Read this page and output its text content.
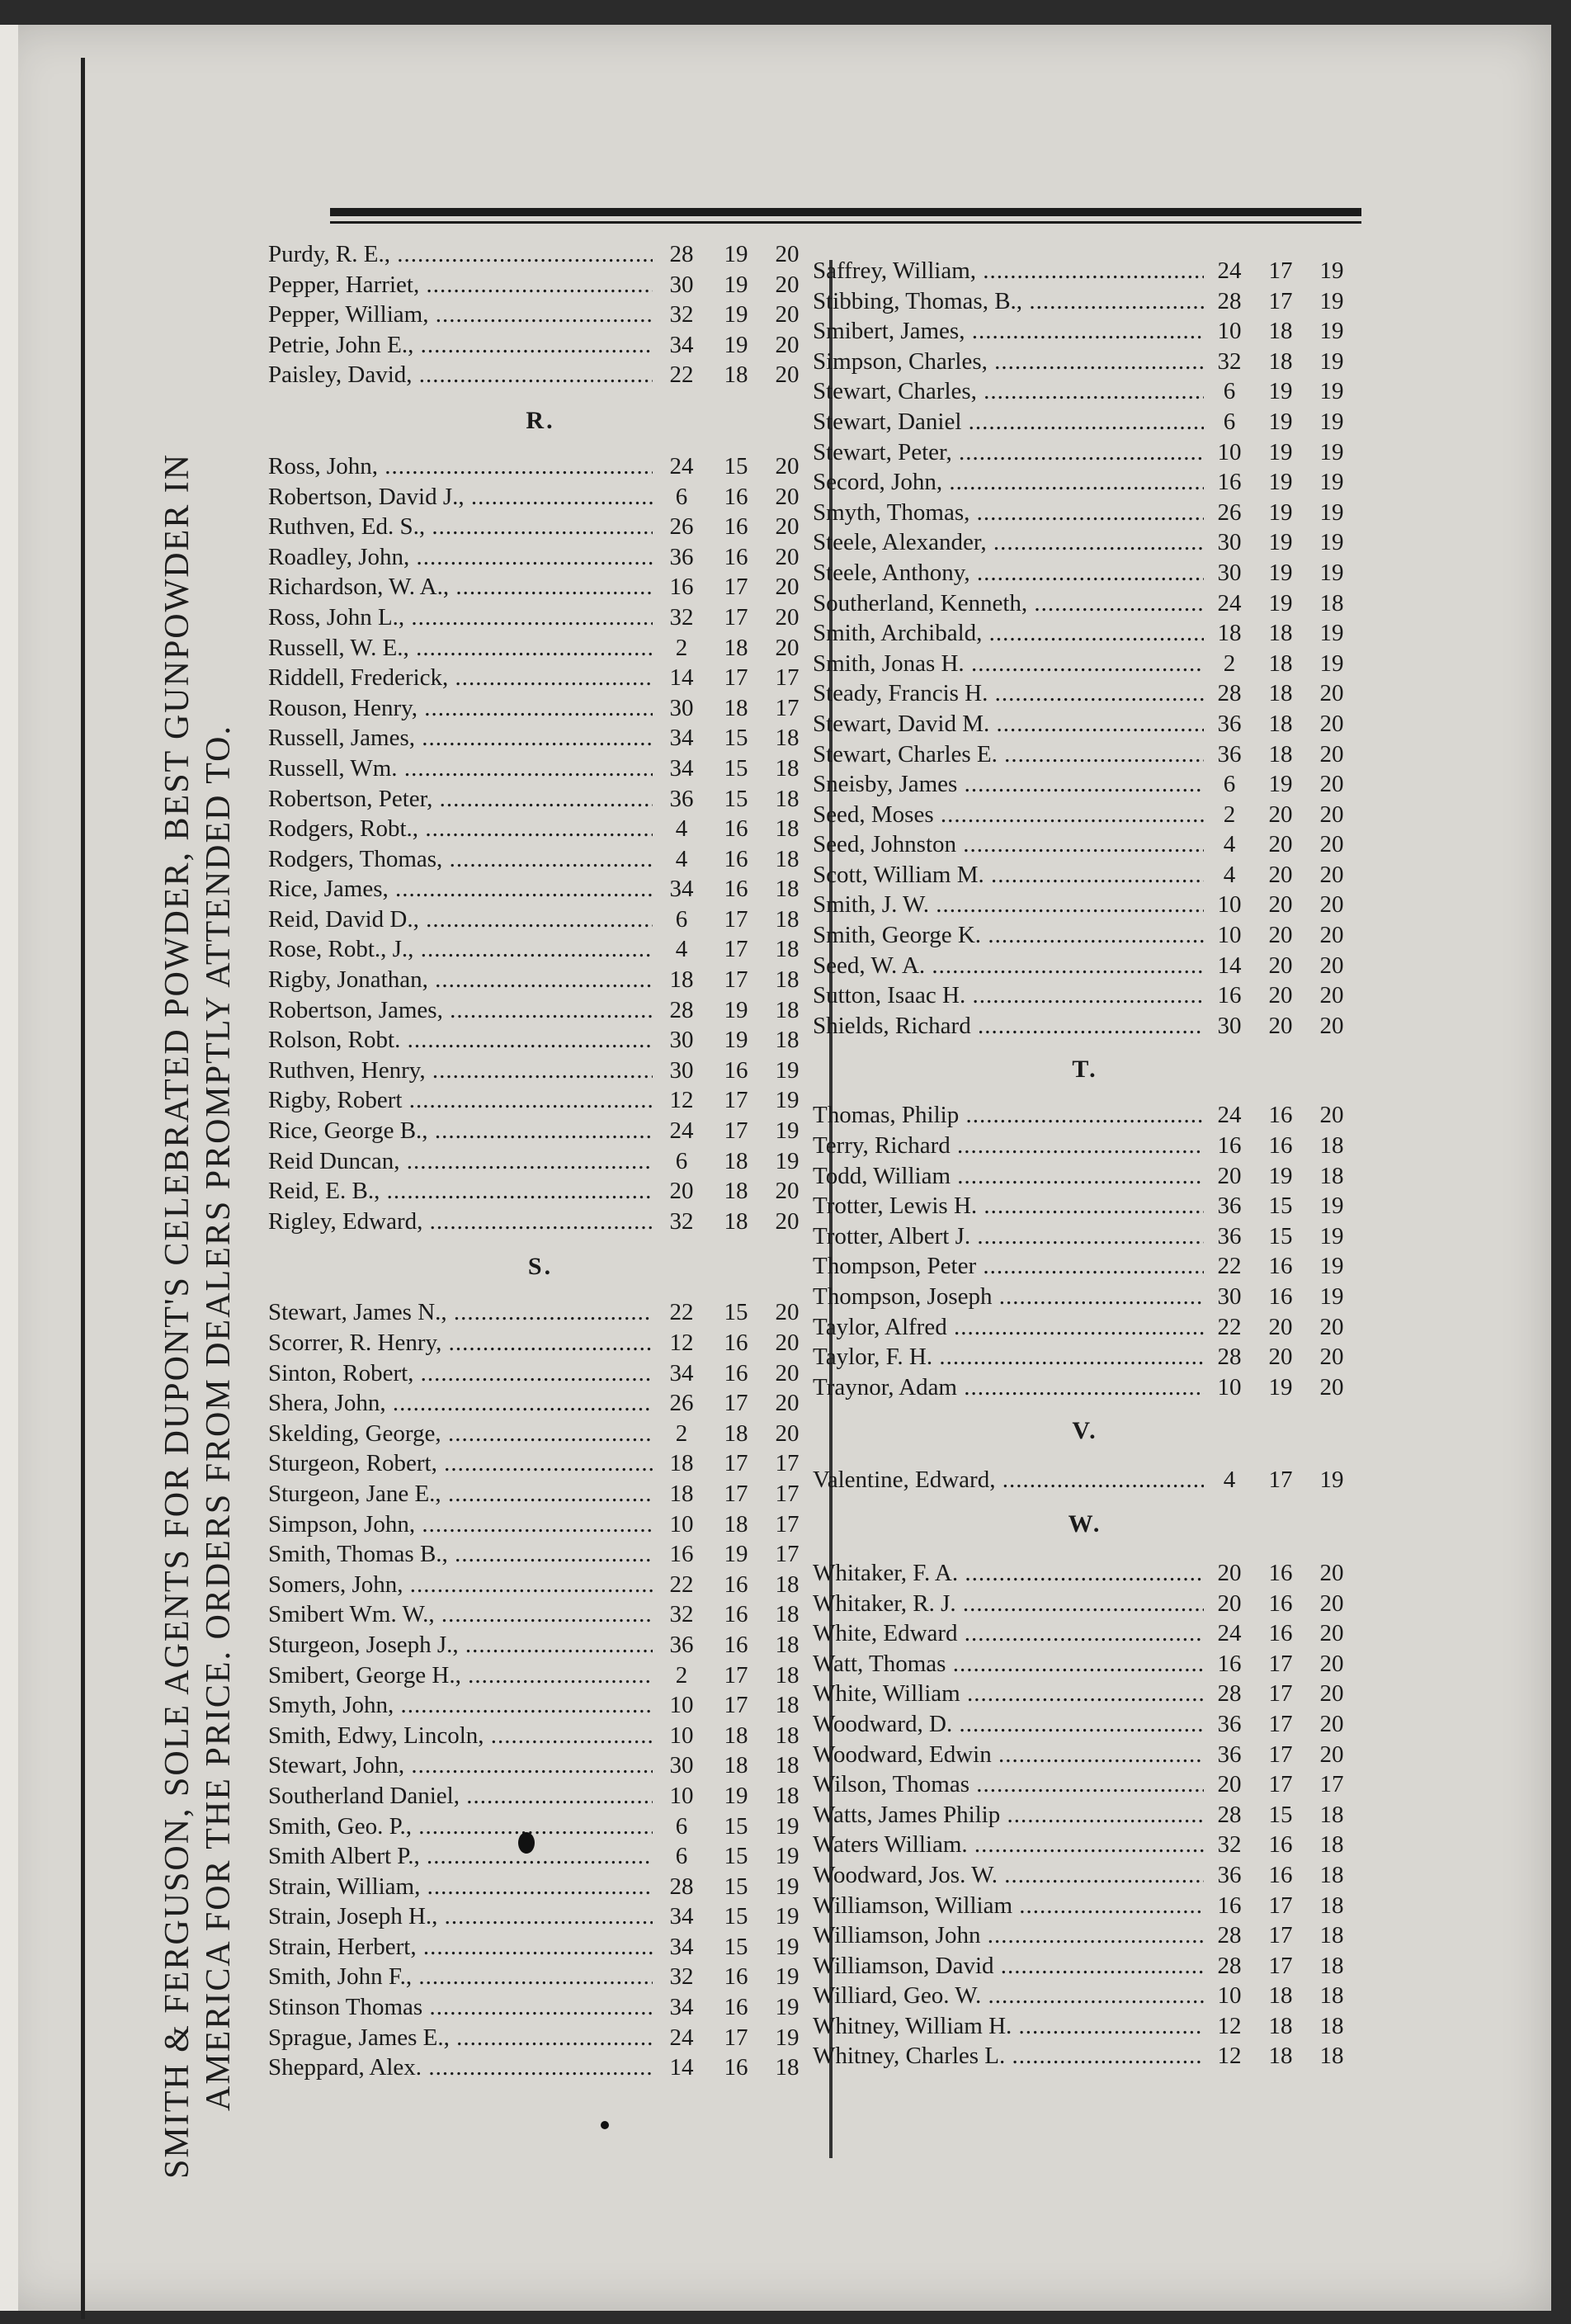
SMITH & FERGUSON, SOLE AGENTS FOR DUPONT'S CELEBRATED POWDER, BEST GUNPOWDER IN AMERICA FOR THE PRICE. ORDERS FROM DEALERS PROMPTLY ATTENDED TO.
Purdy, R. E., .....	28	19	20
Pepper, Harriet, .....	30	19	20
Pepper, William, .....	32	19	20
Petrie, John E., .....	34	19	20
Paisley, David, .....	22	18	20
R.
Ross, John, .....	24	15	20
Robertson, David J., .....	6	16	20
Ruthven, Ed. S., .....	26	16	20
Roadley, John, .....	36	16	20
Richardson, W. A., .....	16	17	20
Ross, John L., .....	32	17	20
Russell, W. E., .....	2	18	20
Riddell, Frederick, .....	14	17	17
Rouson, Henry, .....	30	18	17
Russell, James, .....	34	15	18
Russell, Wm. .....	34	15	18
Robertson, Peter, .....	36	15	18
Rodgers, Robt., .....	4	16	18
Rodgers, Thomas, .....	4	16	18
Rice, James, .....	34	16	18
Reid, David D., .....	6	17	18
Rose, Robt., J., .....	4	17	18
Rigby, Jonathan, .....	18	17	18
Robertson, James, .....	28	19	18
Rolson, Robt. .....	30	19	18
Ruthven, Henry, .....	30	16	19
Rigby, Robert .....	12	17	19
Rice, George B., .....	24	17	19
Reid Duncan, .....	6	18	19
Reid, E. B., .....	20	18	20
Rigley, Edward, .....	32	18	20
S.
Stewart, James N., .....	22	15	20
Scorrer, R. Henry, .....	12	16	20
Sinton, Robert, .....	34	16	20
Shera, John, .....	26	17	20
Skelding, George, .....	2	18	20
Sturgeon, Robert, .....	18	17	17
Sturgeon, Jane E., .....	18	17	17
Simpson, John, .....	10	18	17
Smith, Thomas B., .....	16	19	17
Somers, John, .....	22	16	18
Smibert Wm. W., .....	32	16	18
Sturgeon, Joseph J., .....	36	16	18
Smibert, George H., .....	2	17	18
Smyth, John, .....	10	17	18
Smith, Edwy, Lincoln, .....	10	18	18
Stewart, John, .....	30	18	18
Southerland Daniel, .....	10	19	18
Smith, Geo. P., .....	6	15	19
Smith Albert P., .....	6	15	19
Strain, William, .....	28	15	19
Strain, Joseph H., .....	34	15	19
Strain, Herbert, .....	34	15	19
Smith, John F., .....	32	16	19
Stinson Thomas .....	34	16	19
Sprague, James E., .....	24	17	19
Sheppard, Alex. .....	14	16	18
Saffrey, William, .....	24	17	19
Stibbing, Thomas, B., .....	28	17	19
Smibert, James, .....	10	18	19
Simpson, Charles, .....	32	18	19
Stewart, Charles, .....	6	19	19
Stewart, Daniel .....	6	19	19
Stewart, Peter, .....	10	19	19
Secord, John, .....	16	19	19
Smyth, Thomas, .....	26	19	19
Steele, Alexander, .....	30	19	19
Steele, Anthony, .....	30	19	19
Southerland, Kenneth, .....	24	19	18
Smith, Archibald, .....	18	18	19
Smith, Jonas H. .....	2	18	19
Steady, Francis H. .....	28	18	20
Stewart, David M. .....	36	18	20
Stewart, Charles E. .....	36	18	20
Sneisby, James .....	6	19	20
Seed, Moses .....	2	20	20
Seed, Johnston .....	4	20	20
Scott, William M. .....	4	20	20
Smith, J. W. .....	10	20	20
Smith, George K. .....	10	20	20
Seed, W. A. .....	14	20	20
Sutton, Isaac H. .....	16	20	20
Shields, Richard .....	30	20	20
T.
Thomas, Philip .....	24	16	20
Terry, Richard .....	16	16	18
Todd, William .....	20	19	18
Trotter, Lewis H. .....	36	15	19
Trotter, Albert J. .....	36	15	19
Thompson, Peter .....	22	16	19
Thompson, Joseph .....	30	16	19
Taylor, Alfred .....	22	20	20
Taylor, F. H. .....	28	20	20
Traynor, Adam .....	10	19	20
V.
Valentine, Edward, .....	4	17	19
W.
Whitaker, F. A. .....	20	16	20
Whitaker, R. J. .....	20	16	20
White, Edward .....	24	16	20
Watt, Thomas .....	16	17	20
White, William .....	28	17	20
Woodward, D. .....	36	17	20
Woodward, Edwin .....	36	17	20
Wilson, Thomas .....	20	17	17
Watts, James Philip .....	28	15	18
Waters William. .....	32	16	18
Woodward, Jos. W. .....	36	16	18
Williamson, William .....	16	17	18
Williamson, John .....	28	17	18
Williamson, David .....	28	17	18
Williard, Geo. W. .....	10	18	18
Whitney, William H. .....	12	18	18
Whitney, Charles L. .....	12	18	18
